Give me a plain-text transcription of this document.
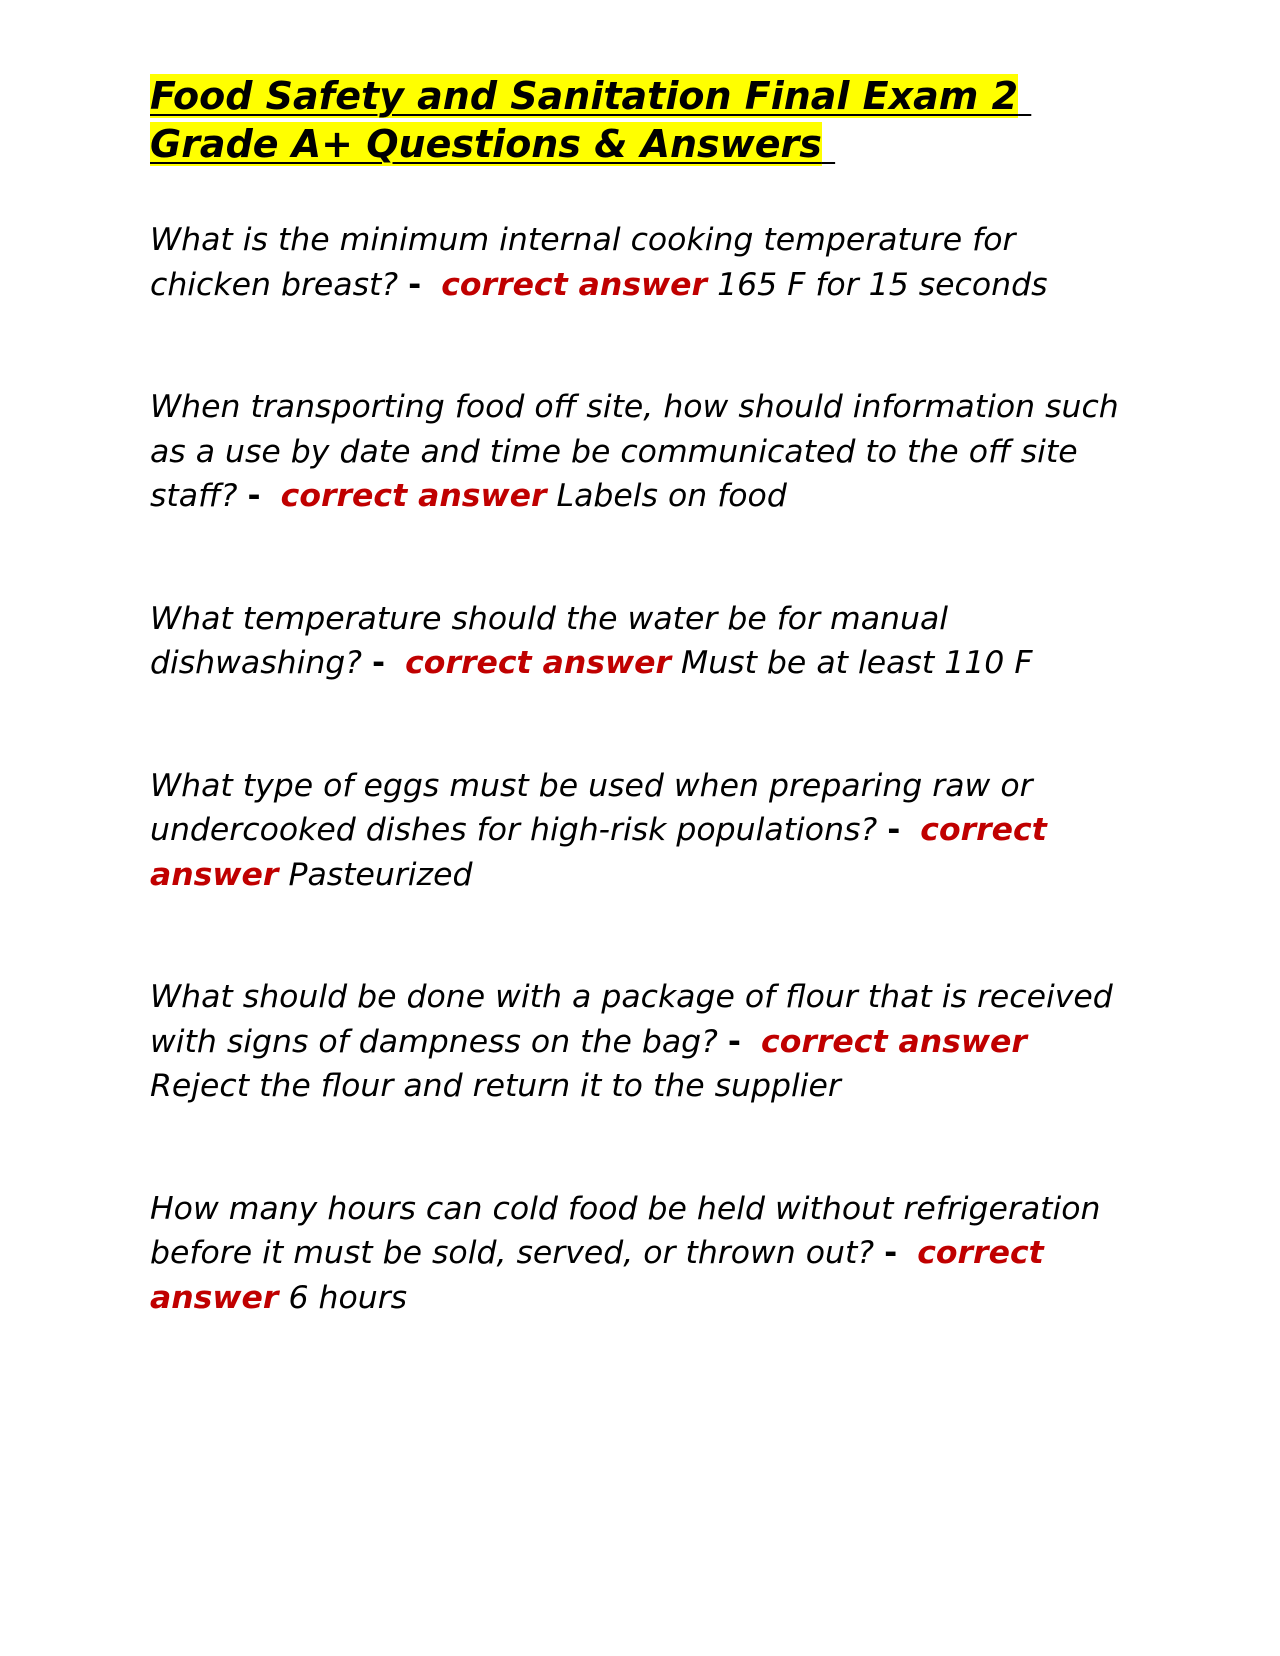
Food Safety and Sanitation Final Exam 2
Grade A+ Questions & Answers

What is the minimum internal cooking temperature for chicken breast? - correct answer 165 F for 15 seconds

When transporting food off site, how should information such as a use by date and time be communicated to the off site staff? - correct answer Labels on food

What temperature should the water be for manual dishwashing? - correct answer Must be at least 110 F

What type of eggs must be used when preparing raw or undercooked dishes for high-risk populations? - correct answer Pasteurized

What should be done with a package of flour that is received with signs of dampness on the bag? - correct answer Reject the flour and return it to the supplier

How many hours can cold food be held without refrigeration before it must be sold, served, or thrown out? - correct answer 6 hours
